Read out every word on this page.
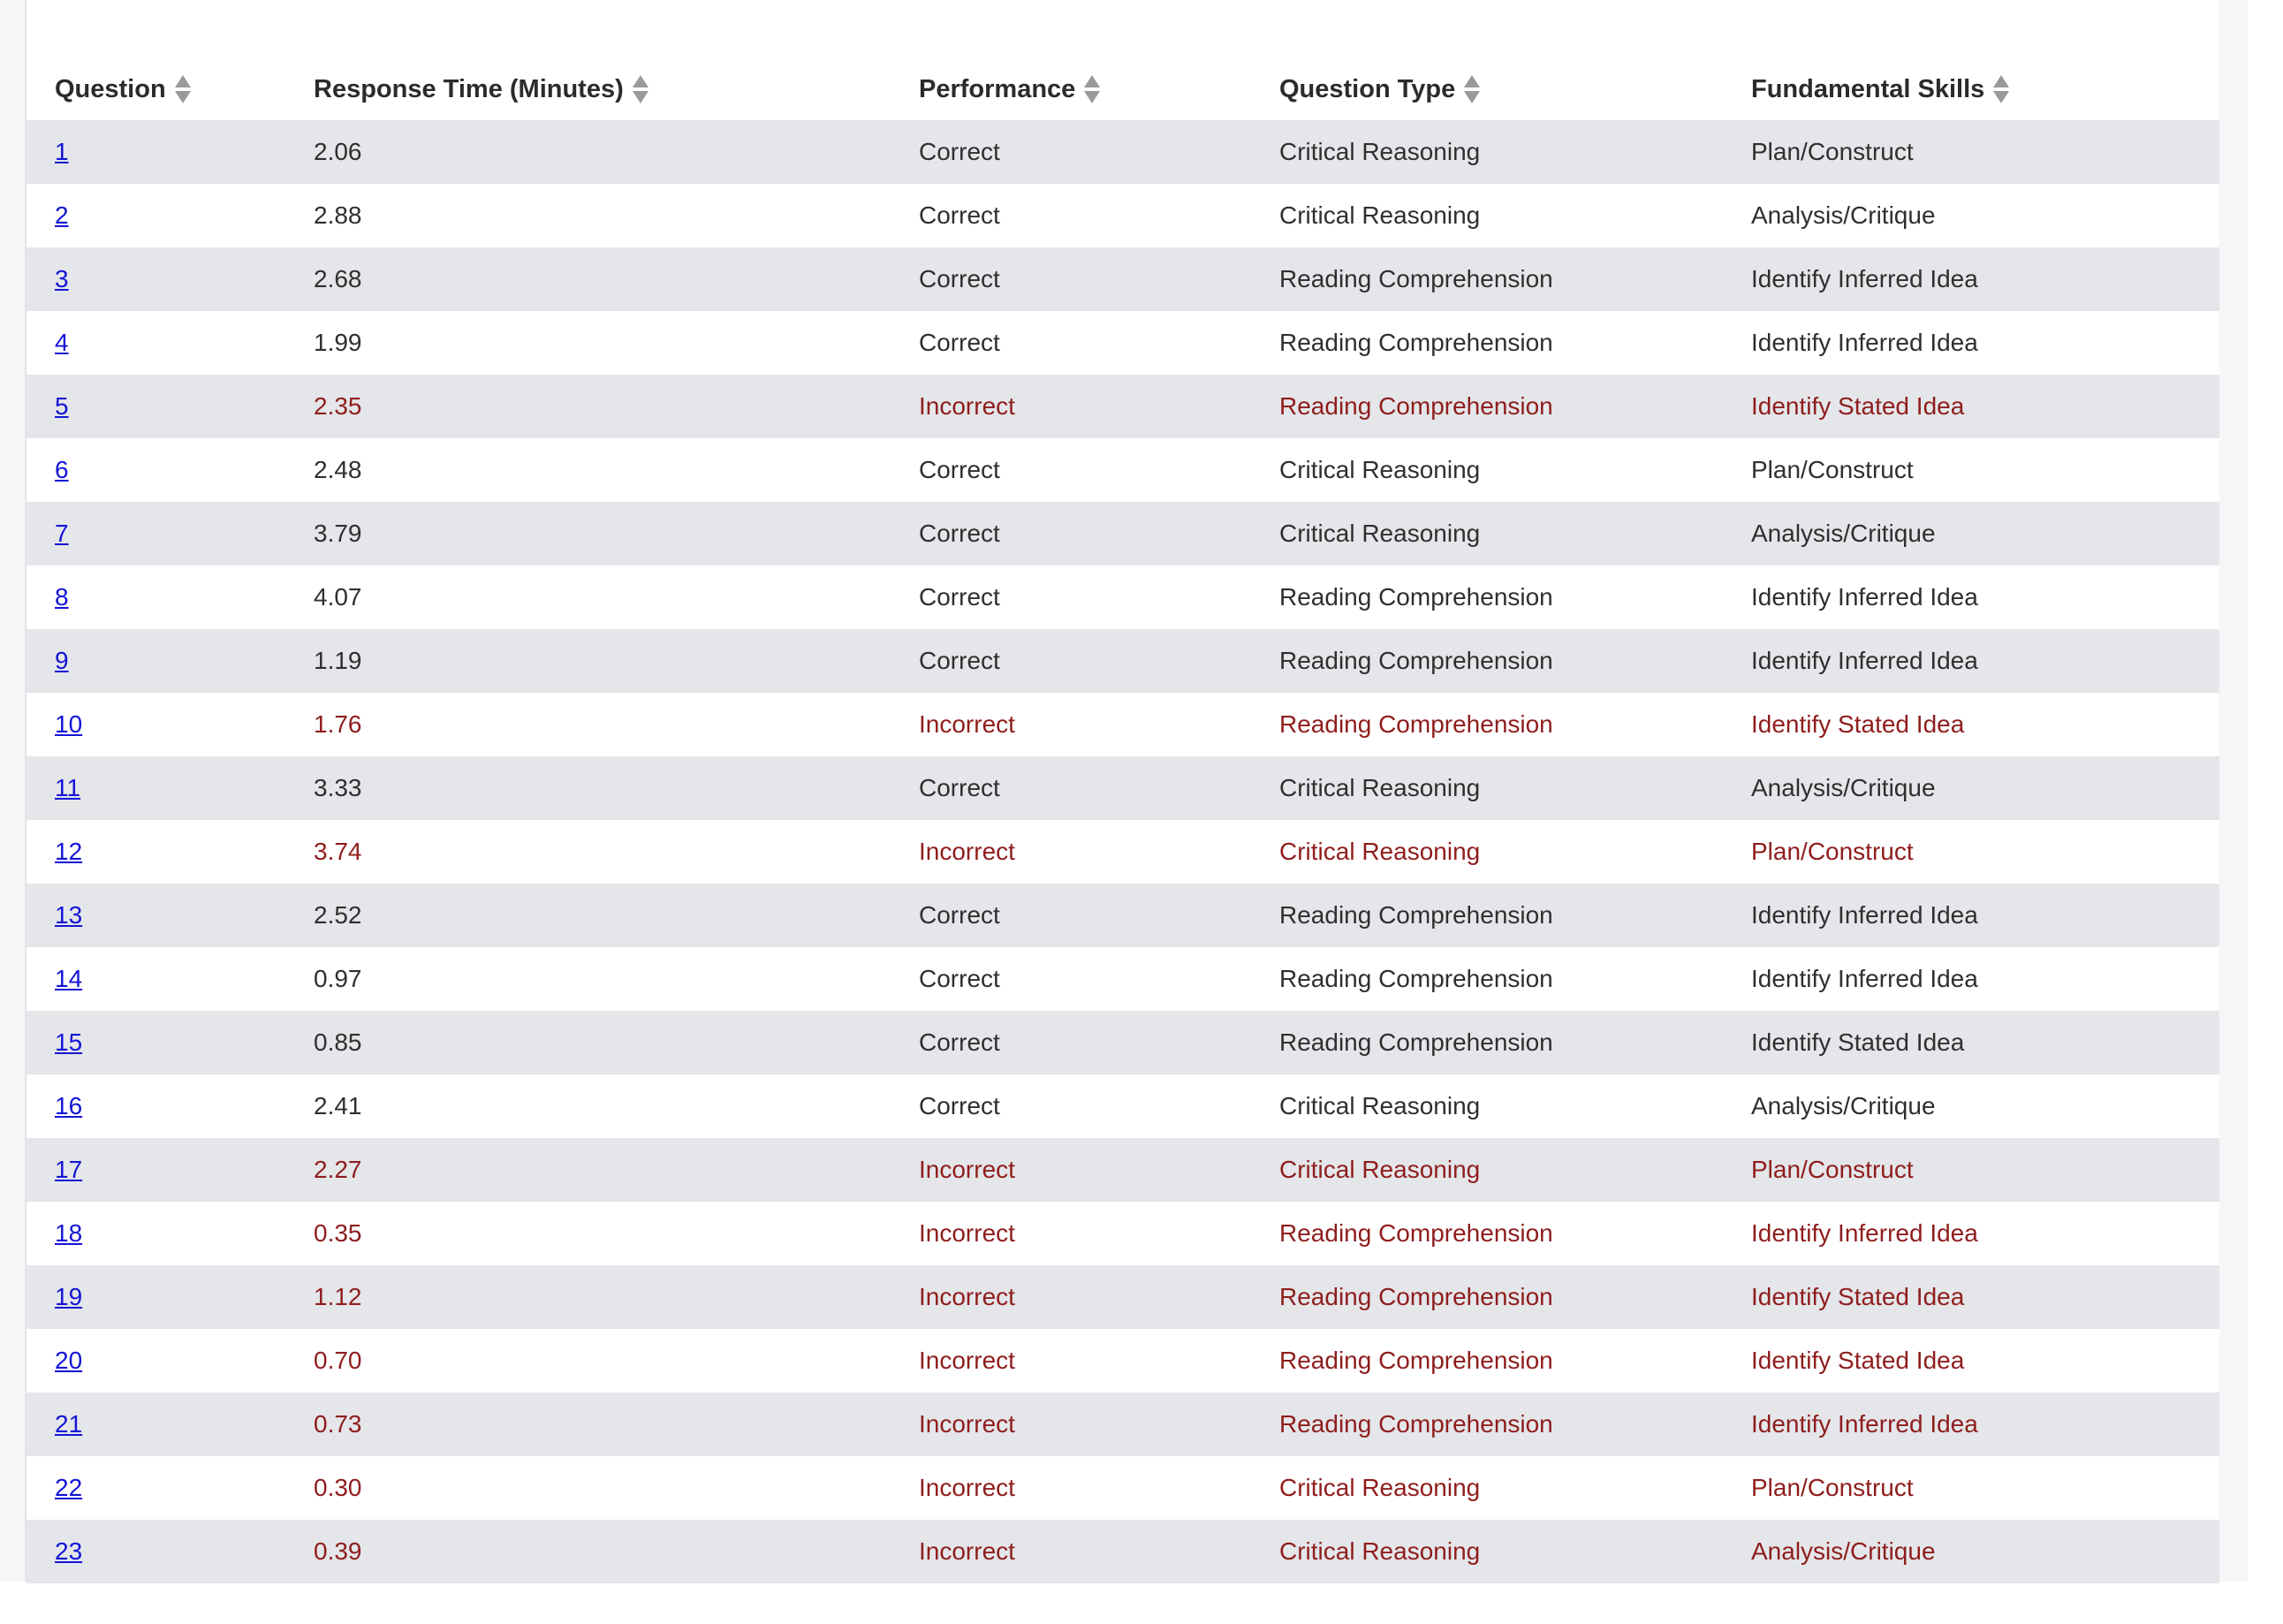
Question	Response Time (Minutes)	Performance	Question Type	Fundamental Skills

1	2.06	Correct	Critical Reasoning	Plan/Construct
2	2.88	Correct	Critical Reasoning	Analysis/Critique
3	2.68	Correct	Reading Comprehension	Identify Inferred Idea
4	1.99	Correct	Reading Comprehension	Identify Inferred Idea
5	2.35	Incorrect	Reading Comprehension	Identify Stated Idea
6	2.48	Correct	Critical Reasoning	Plan/Construct
7	3.79	Correct	Critical Reasoning	Analysis/Critique
8	4.07	Correct	Reading Comprehension	Identify Inferred Idea
9	1.19	Correct	Reading Comprehension	Identify Inferred Idea
10	1.76	Incorrect	Reading Comprehension	Identify Stated Idea
11	3.33	Correct	Critical Reasoning	Analysis/Critique
12	3.74	Incorrect	Critical Reasoning	Plan/Construct
13	2.52	Correct	Reading Comprehension	Identify Inferred Idea
14	0.97	Correct	Reading Comprehension	Identify Inferred Idea
15	0.85	Correct	Reading Comprehension	Identify Stated Idea
16	2.41	Correct	Critical Reasoning	Analysis/Critique
17	2.27	Incorrect	Critical Reasoning	Plan/Construct
18	0.35	Incorrect	Reading Comprehension	Identify Inferred Idea
19	1.12	Incorrect	Reading Comprehension	Identify Stated Idea
20	0.70	Incorrect	Reading Comprehension	Identify Stated Idea
21	0.73	Incorrect	Reading Comprehension	Identify Inferred Idea
22	0.30	Incorrect	Critical Reasoning	Plan/Construct
23	0.39	Incorrect	Critical Reasoning	Analysis/Critique
